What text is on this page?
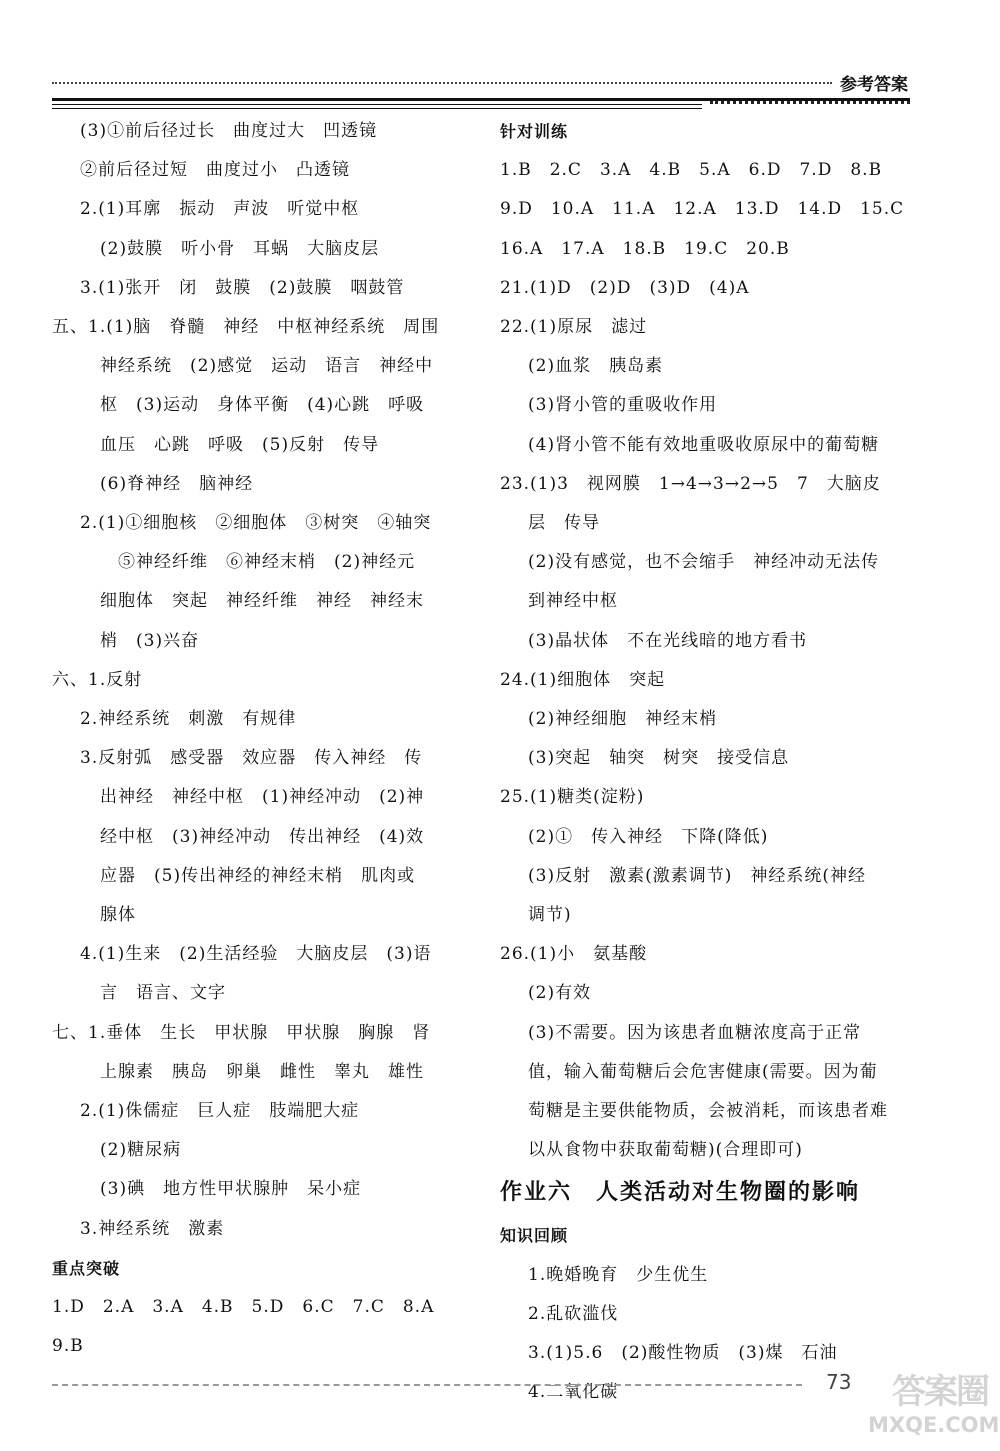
参考答案
(3)①前后径过长　曲度过大　凹透镜
②前后径过短　曲度过小　凸透镜
2.(1)耳廓　振动　声波　听觉中枢
(2)鼓膜　听小骨　耳蜗　大脑皮层
3.(1)张开　闭　鼓膜　(2)鼓膜　咽鼓管
五、1.(1)脑　脊髓　神经　中枢神经系统　周围
神经系统　(2)感觉　运动　语言　神经中
枢　(3)运动　身体平衡　(4)心跳　呼吸
血压　心跳　呼吸　(5)反射　传导
(6)脊神经　脑神经
2.(1)①细胞核　②细胞体　③树突　④轴突
⑤神经纤维　⑥神经末梢　(2)神经元
细胞体　突起　神经纤维　神经　神经末
梢　(3)兴奋
六、1.反射
2.神经系统　刺激　有规律
3.反射弧　感受器　效应器　传入神经　传
出神经　神经中枢　(1)神经冲动　(2)神
经中枢　(3)神经冲动　传出神经　(4)效
应器　(5)传出神经的神经末梢　肌肉或
腺体
4.(1)生来　(2)生活经验　大脑皮层　(3)语
言　语言、文字
七、1.垂体　生长　甲状腺　甲状腺　胸腺　肾
上腺素　胰岛　卵巢　雌性　睾丸　雄性
2.(1)侏儒症　巨人症　肢端肥大症
(2)糖尿病
(3)碘　地方性甲状腺肿　呆小症
3.神经系统　激素
重点突破
1.D　2.A　3.A　4.B　5.D　6.C　7.C　8.A
9.B
针对训练
1.B　2.C　3.A　4.B　5.A　6.D　7.D　8.B
9.D　10.A　11.A　12.A　13.D　14.D　15.C
16.A　17.A　18.B　19.C　20.B
21.(1)D　(2)D　(3)D　(4)A
22.(1)原尿　滤过
(2)血浆　胰岛素
(3)肾小管的重吸收作用
(4)肾小管不能有效地重吸收原尿中的葡萄糖
23.(1)3　视网膜　1→4→3→2→5　7　大脑皮
层　传导
(2)没有感觉，也不会缩手　神经冲动无法传
到神经中枢
(3)晶状体　不在光线暗的地方看书
24.(1)细胞体　突起
(2)神经细胞　神经末梢
(3)突起　轴突　树突　接受信息
25.(1)糖类(淀粉)
(2)①　传入神经　下降(降低)
(3)反射　激素(激素调节)　神经系统(神经
调节)
26.(1)小　氨基酸
(2)有效
(3)不需要。因为该患者血糖浓度高于正常
值，输入葡萄糖后会危害健康(需要。因为葡
萄糖是主要供能物质，会被消耗，而该患者难
以从食物中获取葡萄糖)(合理即可)
作业六　人类活动对生物圈的影响
知识回顾
1.晚婚晚育　少生优生
2.乱砍滥伐
3.(1)5.6　(2)酸性物质　(3)煤　石油
4.二氧化碳	73	答案圈
MXQE.COM
